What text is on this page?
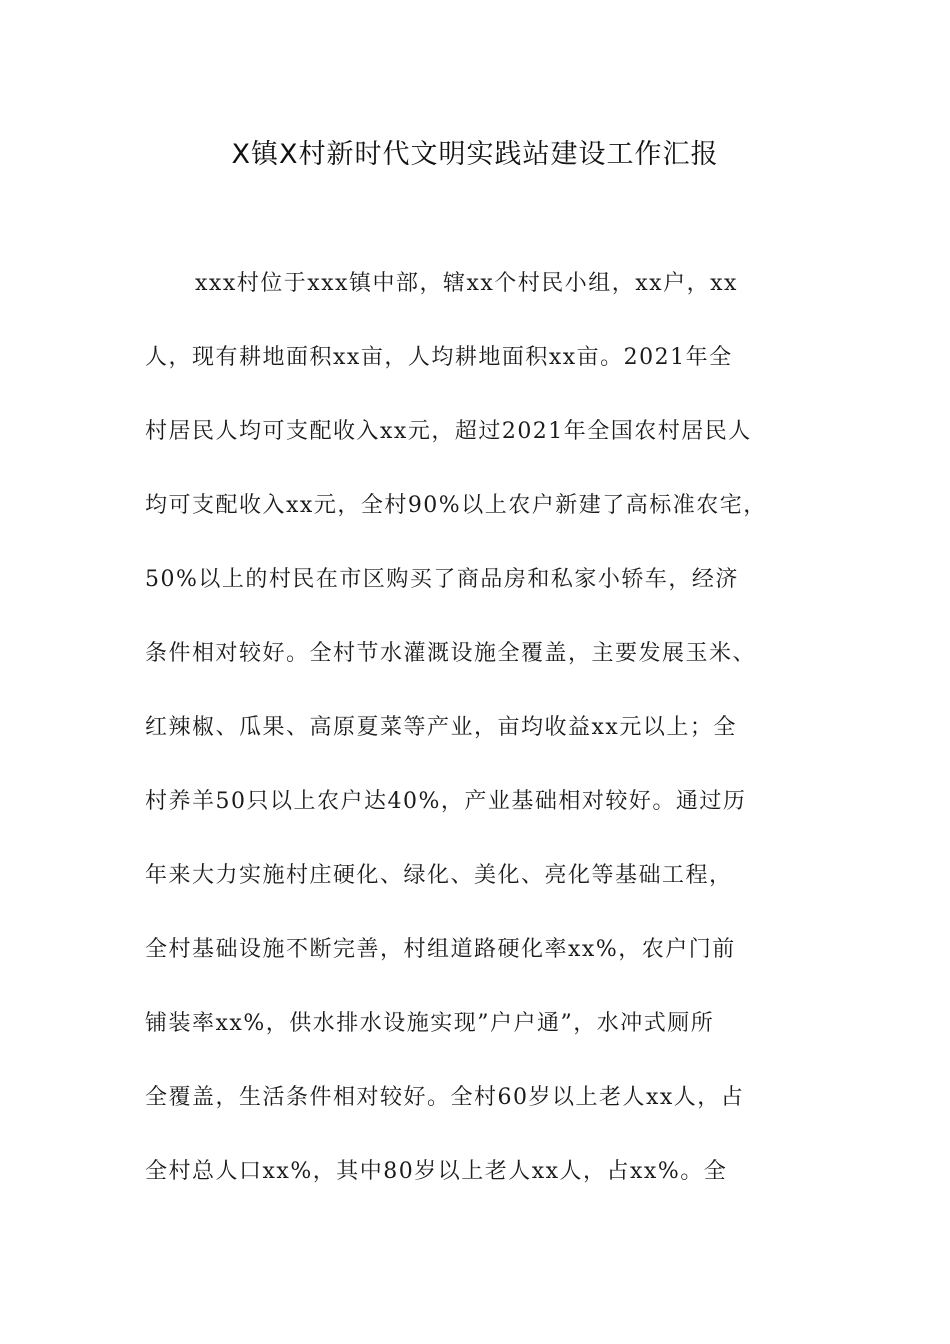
X镇X村新时代文明实践站建设工作汇报
xxx村位于xxx镇中部，辖xx个村民小组，xx户，xx
人，现有耕地面积xx亩，人均耕地面积xx亩。2021年全
村居民人均可支配收入xx元，超过2021年全国农村居民人
均可支配收入xx元，全村90%以上农户新建了高标准农宅，
50%以上的村民在市区购买了商品房和私家小轿车，经济
条件相对较好。全村节水灌溉设施全覆盖，主要发展玉米、
红辣椒、瓜果、高原夏菜等产业，亩均收益xx元以上；全
村养羊50只以上农户达40%，产业基础相对较好。通过历
年来大力实施村庄硬化、绿化、美化、亮化等基础工程，
全村基础设施不断完善，村组道路硬化率xx%，农户门前
铺装率xx%，供水排水设施实现”户户通”，水冲式厕所
全覆盖，生活条件相对较好。全村60岁以上老人xx人，占
全村总人口xx%，其中80岁以上老人xx人，占xx%。全
